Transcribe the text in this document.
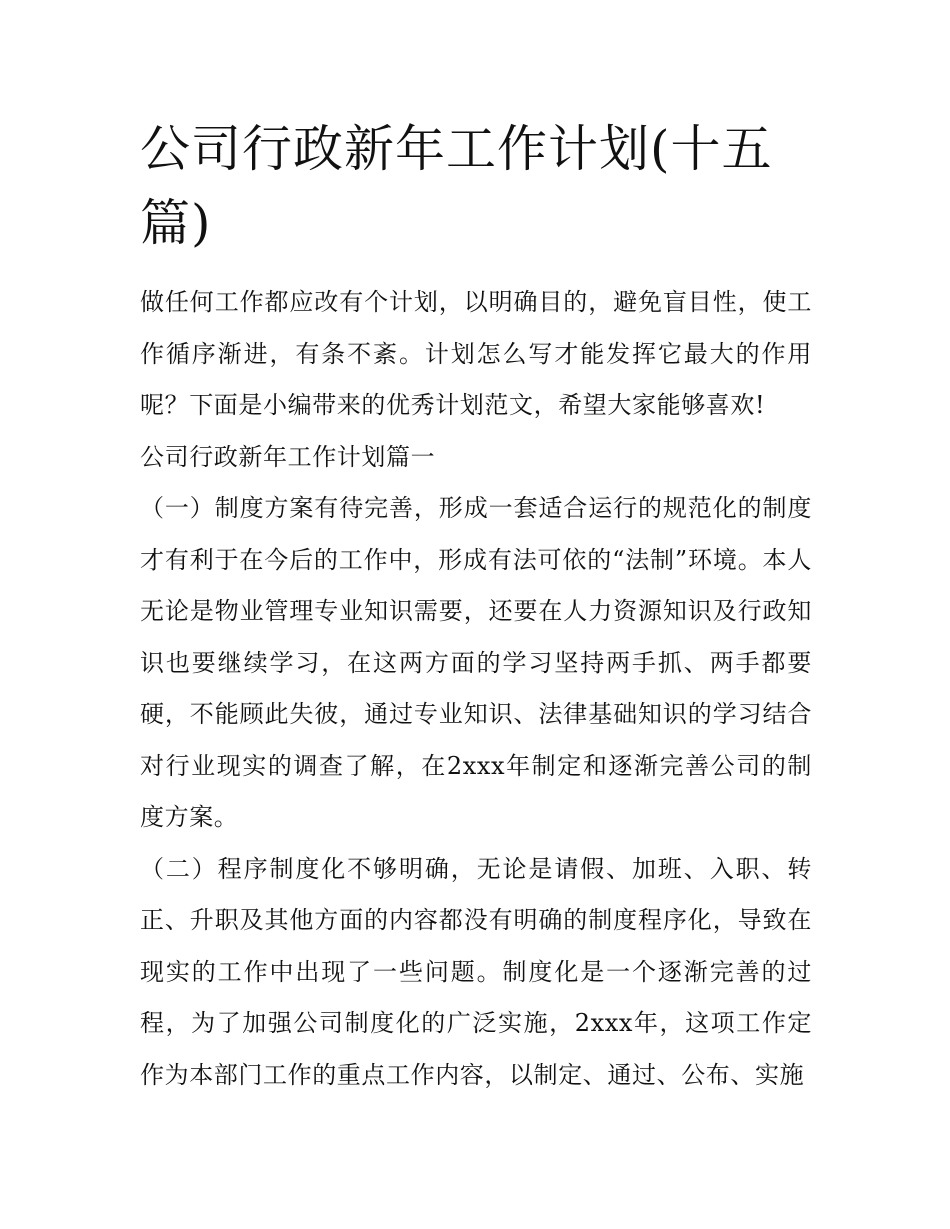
公司行政新年工作计划(十五篇)

做任何工作都应改有个计划，以明确目的，避免盲目性，使工作循序渐进，有条不紊。计划怎么写才能发挥它最大的作用呢？下面是小编带来的优秀计划范文，希望大家能够喜欢!

公司行政新年工作计划篇一

（一）制度方案有待完善，形成一套适合运行的规范化的制度才有利于在今后的工作中，形成有法可依的“法制”环境。本人无论是物业管理专业知识需要，还要在人力资源知识及行政知识也要继续学习，在这两方面的学习坚持两手抓、两手都要硬，不能顾此失彼，通过专业知识、法律基础知识的学习结合对行业现实的调查了解，在2xxx年制定和逐渐完善公司的制度方案。

（二）程序制度化不够明确，无论是请假、加班、入职、转正、升职及其他方面的内容都没有明确的制度程序化，导致在现实的工作中出现了一些问题。制度化是一个逐渐完善的过程，为了加强公司制度化的广泛实施，2xxx年，这项工作定作为本部门工作的重点工作内容，以制定、通过、公布、实施
